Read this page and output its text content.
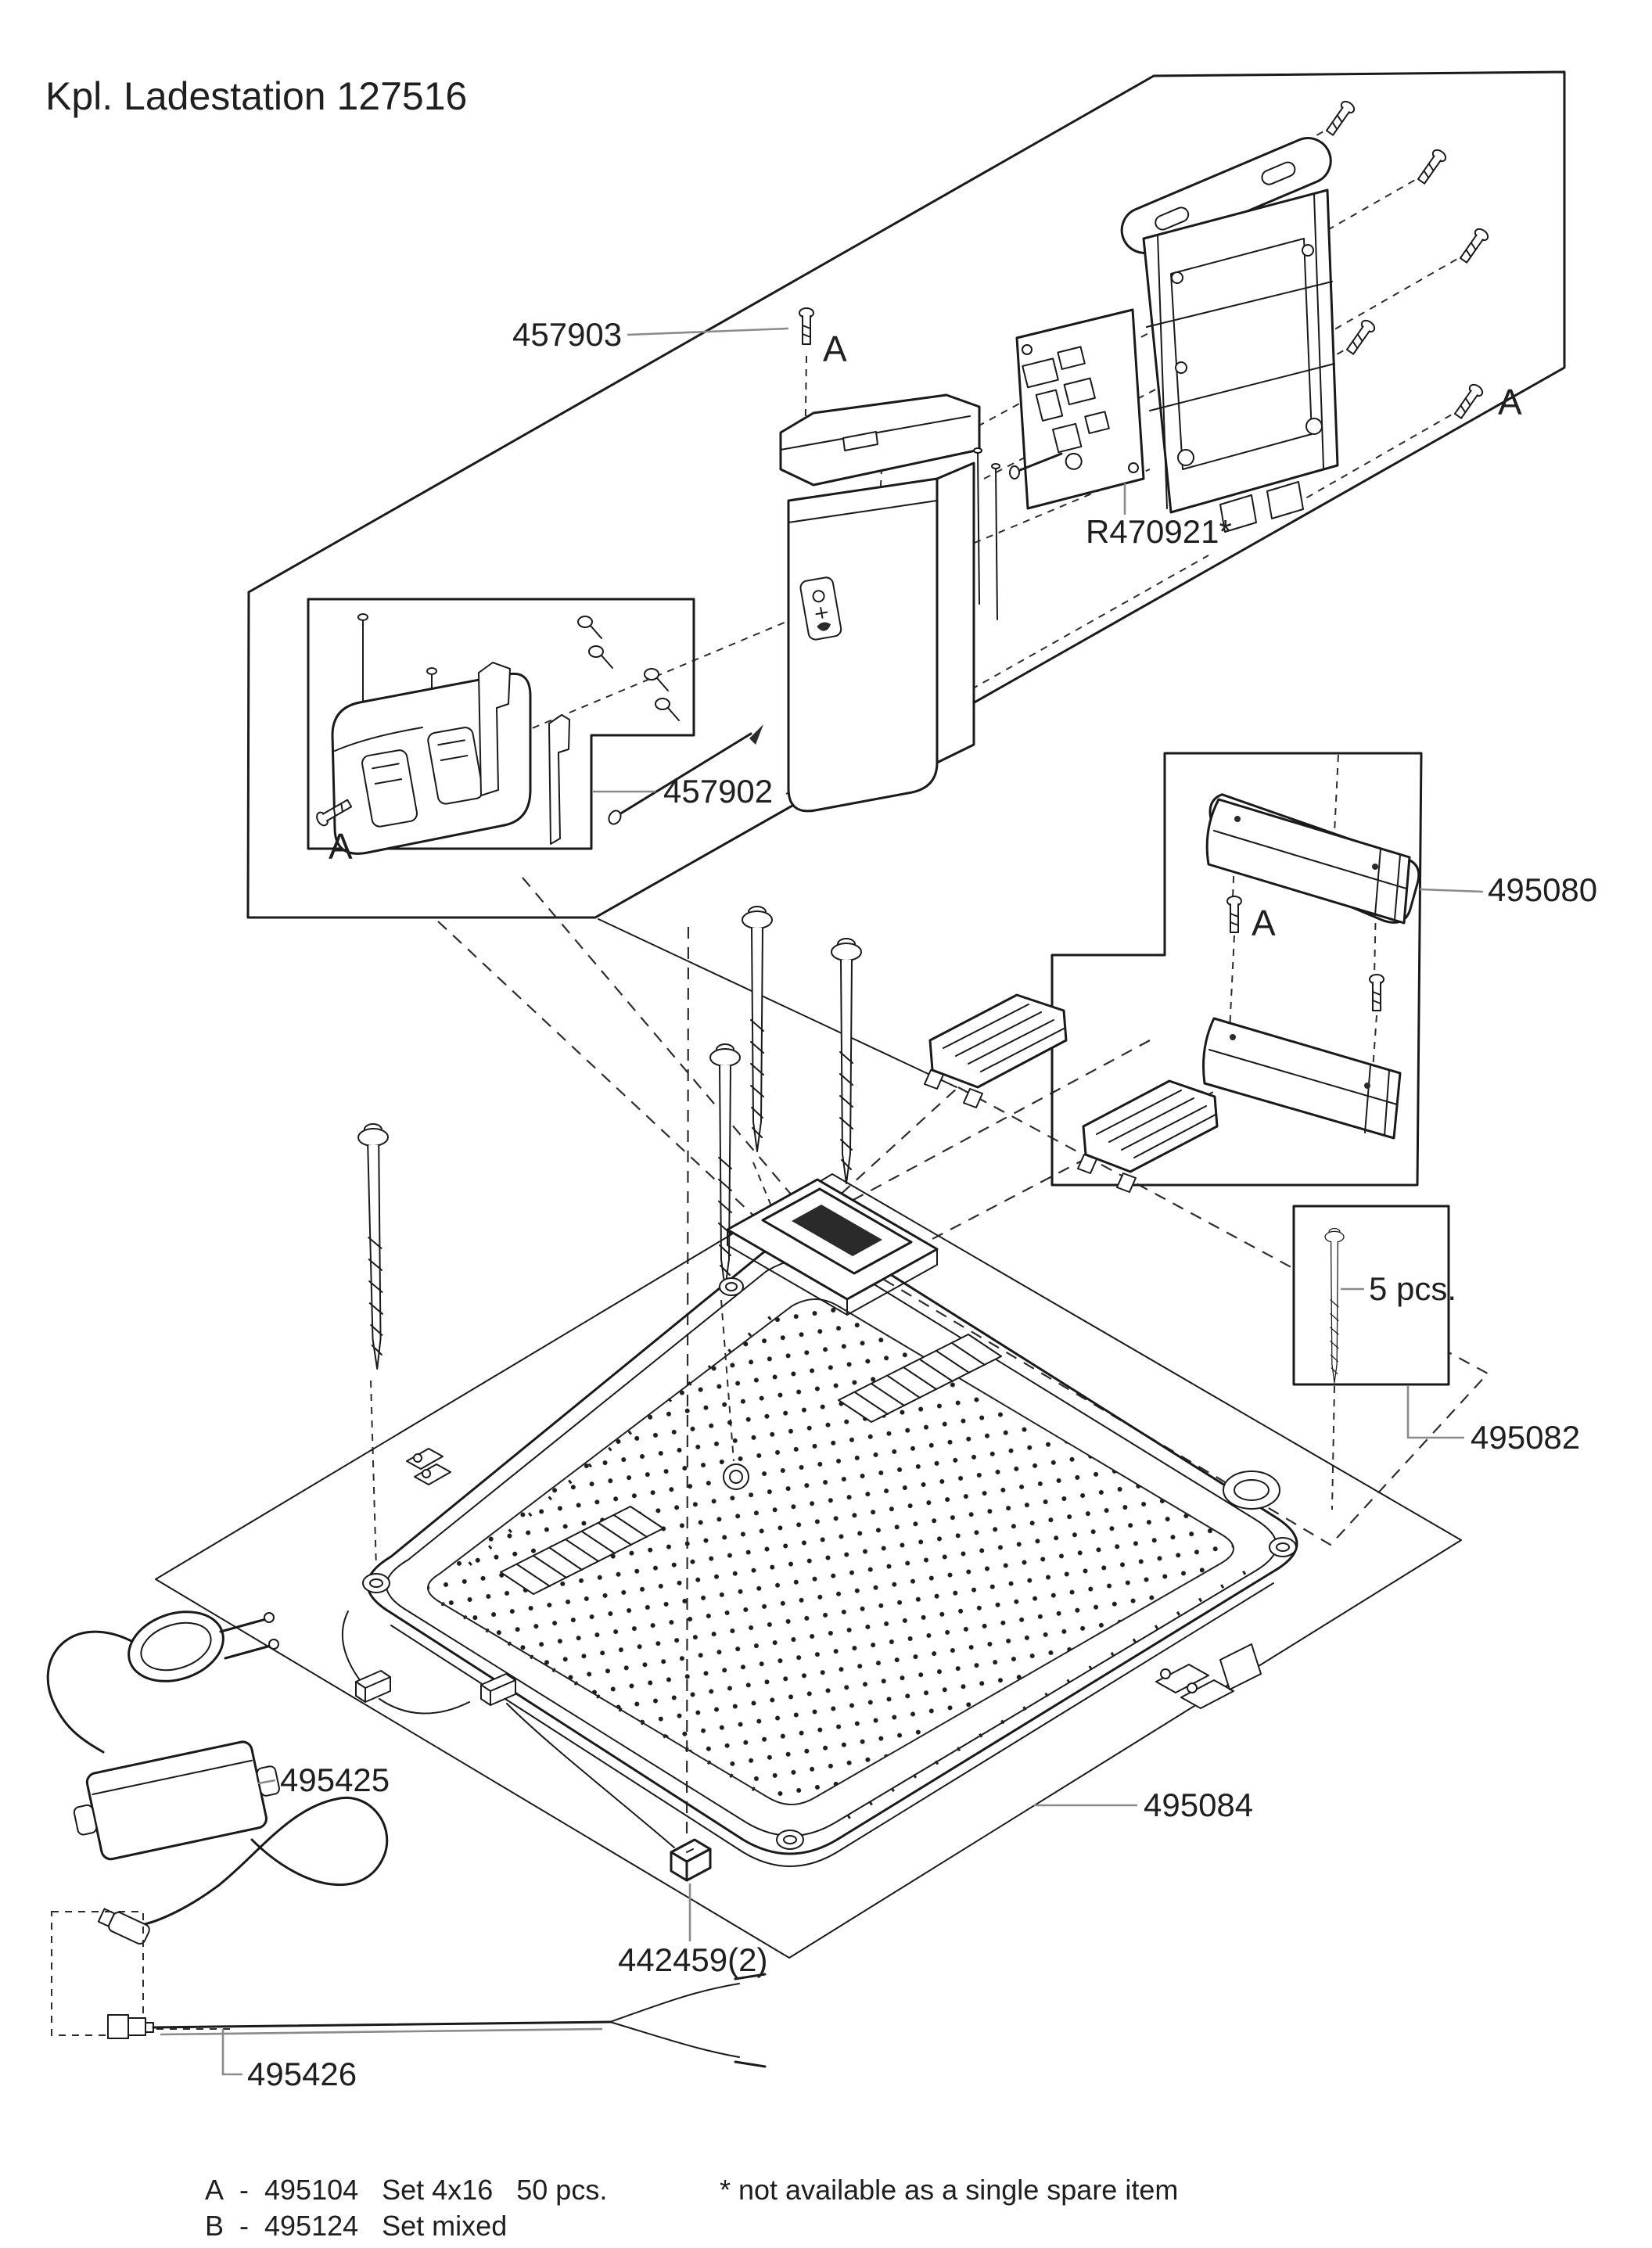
Kpl. Ladestation 127516
R470921*
A
A
457903
A
457902
A
495080
5 pcs.
495082
495084
442459(2)
495425
495426
A  -  495104   Set 4x16   50 pcs.	* not available as a single spare item
B  -  495124   Set mixed
